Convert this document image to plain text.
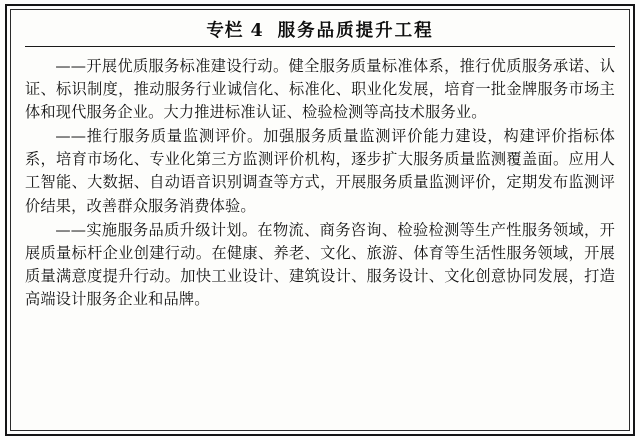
专栏 4 服务品质提升工程

——开展优质服务标准建设行动。健全服务质量标准体系，推行优质服务承诺、认证、标识制度，推动服务行业诚信化、标准化、职业化发展，培育一批金牌服务市场主体和现代服务企业。大力推进标准认证、检验检测等高技术服务业。

——推行服务质量监测评价。加强服务质量监测评价能力建设，构建评价指标体系，培育市场化、专业化第三方监测评价机构，逐步扩大服务质量监测覆盖面。应用人工智能、大数据、自动语音识别调查等方式，开展服务质量监测评价，定期发布监测评价结果，改善群众服务消费体验。

——实施服务品质升级计划。在物流、商务咨询、检验检测等生产性服务领域，开展质量标杆企业创建行动。在健康、养老、文化、旅游、体育等生活性服务领域，开展质量满意度提升行动。加快工业设计、建筑设计、服务设计、文化创意协同发展，打造高端设计服务企业和品牌。
